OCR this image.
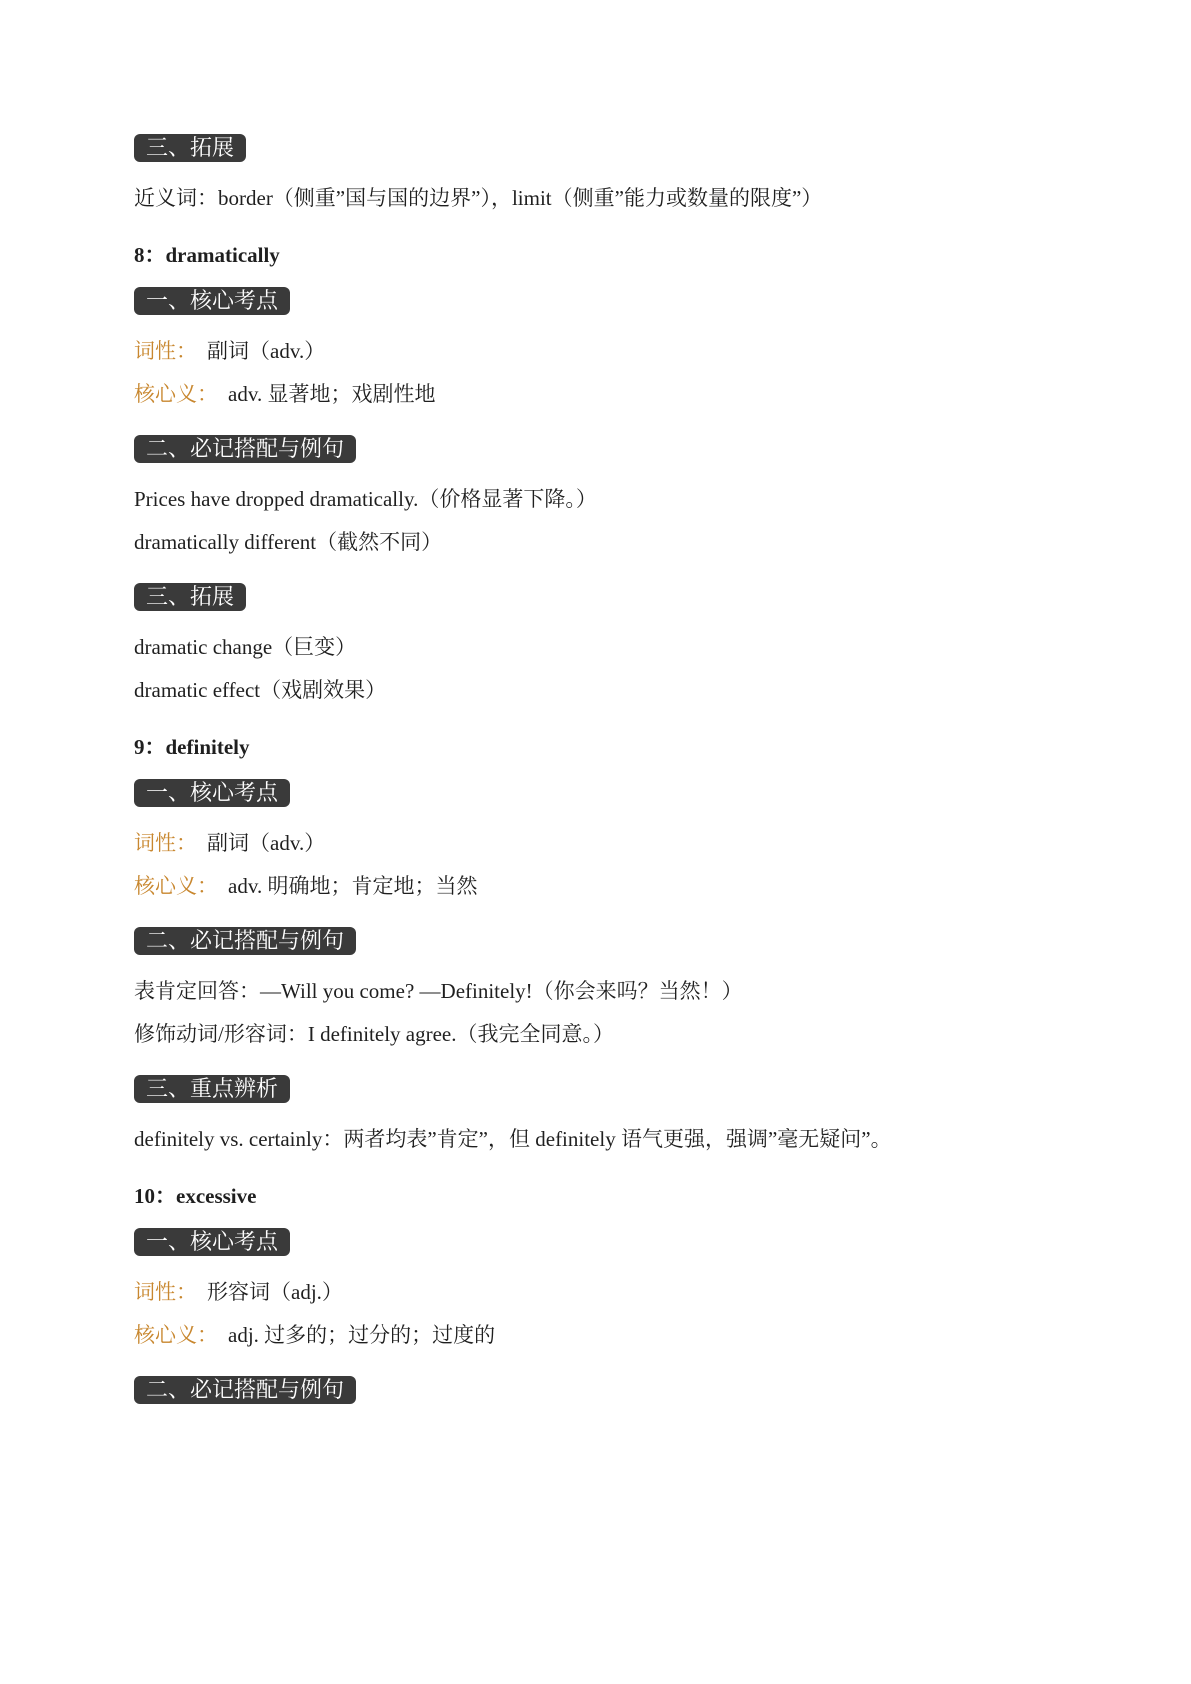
三、拓展
近义词：border（侧重”国与国的边界”），limit（侧重”能力或数量的限度”）
8：dramatically
一、核心考点
词性： 副词（adv.）
核心义： adv. 显著地；戏剧性地
二、必记搭配与例句
Prices have dropped dramatically.（价格显著下降。）
dramatically different（截然不同）
三、拓展
dramatic change（巨变）
dramatic effect（戏剧效果）
9：definitely
一、核心考点
词性： 副词（adv.）
核心义： adv. 明确地；肯定地；当然
二、必记搭配与例句
表肯定回答：—Will you come? —Definitely!（你会来吗？当然！）
修饰动词/形容词：I definitely agree.（我完全同意。）
三、重点辨析
definitely vs. certainly：两者均表”肯定”，但 definitely 语气更强，强调”毫无疑问”。
10：excessive
一、核心考点
词性： 形容词（adj.）
核心义： adj. 过多的；过分的；过度的
二、必记搭配与例句
